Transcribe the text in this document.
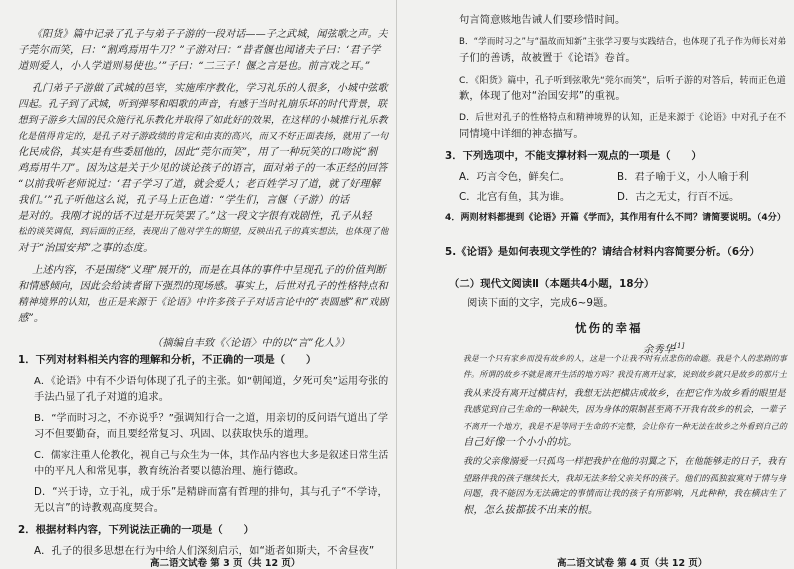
《阳货》篇中记录了孔子与弟子子游的一段对话——子之武城，闻弦歌之声。夫
子莞尔而笑，曰：“割鸡焉用牛刀？”子游对曰：“昔者偃也闻诸夫子曰：‘君子学
道则爱人，小人学道则易使也。’”子曰：“二三子！偃之言是也。前言戏之耳。”
孔门弟子子游做了武城的邑宰，实施库序教化，学习礼乐的人很多，小城中弦歌
四起。孔子到了武城，听到弹琴和唱歌的声音，有感于当时礼崩乐坏的时代背景，联
想到子游乡大国的民众施行礼乐教化并取得了如此好的效果，在这样的小城推行礼乐教
化是值得肯定的，是孔子对子游政绩的肯定和由衷的高兴，而又不好正面表扬，就用了一句
化民成俗，其实是有些委屈他的，因此“莞尔而笑”，用了一种玩笑的口吻说“割
鸡焉用牛刀”。因为这是关于少见的谈论孩子的语言，面对弟子的一本正经的回答
“以前我听老师说过：‘君子学习了道，就会爱人；老百姓学习了道，就了好理解
我们。’”孔子听他这么说，孔子马上正色道：“学生们，言偃（子游）的话
是对的。我刚才说的话不过是开玩笑罢了。”这一段文字很有戏剧性，孔子从轻
松的谈笑调侃，到后面的正经，表现出了他对学生的期望，反映出孔子的真实想法，也体现了他
对于“治国安邦”之事的态度。
上述内容，不是围绕“义理”展开的，而是在具体的事件中呈现孔子的价值判断
和情感倾向，因此会给读者留下强烈的现场感。事实上，后世对孔子的性格特点和
精神境界的认知，也正是来源于《论语》中许多孩子子对话言论中的“表圆感”和“戏剧
感”。
（摘编自丰致《〈论语〉中的以“言”化人》）
1．下列对材料相关内容的理解和分析，不正确的一项是（　　）
A．《论语》中有不少语句体现了孔子的主张。如“朝闻道，夕死可矣”运用夸张的
手法凸显了孔子对道的追求。
B．“学而时习之，不亦说乎？”强调知行合一之道，用亲切的反问语气道出了学
习不但要勤奋，而且要经常复习、巩固、以获取快乐的道理。
C．儒家注重人伦教化，视自己与众生为一体，其作品内容也大多是叙述日常生活
中的平凡人和常见事，教育统治者要以德治理、施行德政。
D．“兴于诗，立于礼，成于乐”是精辟而富有哲理的排句，其与孔子“不学诗，
无以言”的诗教观高度契合。
2．根据材料内容，下列说法正确的一项是（　　）
A．孔子的很多思想在行为中给人们深刻启示，如“逝者如斯夫，不舍昼夜”
高二语文试卷 第 3 页（共 12 页）
句言简意赅地告诫人们要珍惜时间。
B．“学而时习之”与“温故而知新”主张学习要与实践结合，也体现了孔子作为师长对弟
子们的善诱，故被置于《论语》卷首。
C．《阳货》篇中，孔子听到弦歌先“莞尔而笑”，后听子游的对答后，转而正色道
歉，体现了他对“治国安邦”的重视。
D．后世对孔子的性格特点和精神境界的认知，正是来源于《论语》中对孔子在不
同情境中详细的神态描写。
3．下列选项中，不能支撑材料一观点的一项是（　　）
A．巧言令色，鲜矣仁。	B．君子喻于义，小人喻于利
C．北宫有鱼，其为谁。	D．古之无丈，行百不远。
4．两则材料都提到《论语》开篇《学而》，其作用有什么不同？请简要说明。（4分）
5.《论语》是如何表现文学性的？请结合材料内容简要分析。（6分）
（二）现代文阅读Ⅱ（本题共4小题，18分）
阅读下面的文字，完成6~9题。
忧伤的幸福
余秀华[1]
我是一个只有家乡而没有故乡的人，这是一个让我不时有点悲伤的命题。我是个人的悲剧的事
件。所谓的故乡不就是离开生活的地方吗？我没有离开过家，说到故乡就只是故乡的那片土
我从来没有离开过横店村，我想无法把横店成故乡，在把它作为故乡看的眼里是
我感觉到自己生命的一种缺失，因为身体的限制甚至离不开我有故乡的机会，一辈子
不离开一个地方，我是不是等同于生命的不完整，会让你有一种无法在故乡之外看到自己的
自己好像一个小小的坑。
我的父亲像溺爱一只孤鸟一样把我护在他的羽翼之下，在他能够走的日子，我有
望路伴我的孩子继续长大，我却无法多给父亲关怀的孩子。他们的孤独寂寞对于情与身
问题，我不能因为无法确定的事情而让我的孩子有所影响，凡此种种，我在横店生了
根，怎么拔都拔不出来的根。
高二语文试卷 第 4 页（共 12 页）
